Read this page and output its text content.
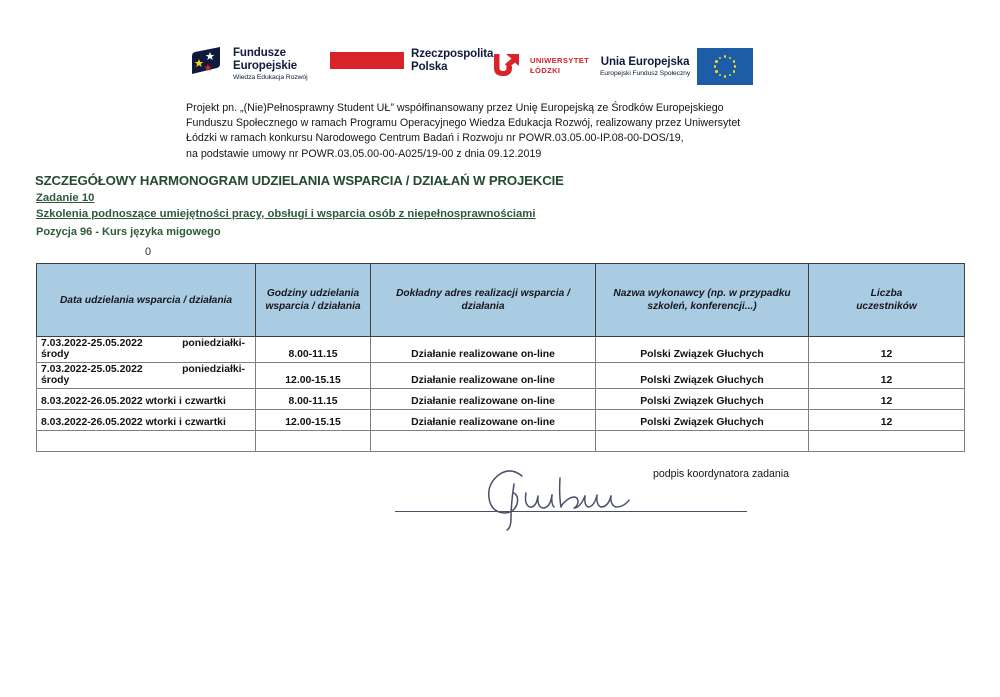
Fundusze
Europejskie
Wiedza Edukacja Rozwój
Rzeczpospolita
Polska	UNIWERSYTET
ŁÓDZKI
Unia Europejska
Europejski Fundusz Społeczny
Projekt pn. „(Nie)Pełnosprawny Student UŁ” współfinansowany przez Unię Europejską ze Środków Europejskiego
Funduszu Społecznego w ramach Programu Operacyjnego Wiedza Edukacja Rozwój, realizowany przez Uniwersytet
Łódzki w ramach konkursu Narodowego Centrum Badań i Rozwoju nr POWR.03.05.00-IP.08-00-DOS/19,
na podstawie umowy nr POWR.03.05.00-00-A025/19-00 z dnia 09.12.2019
SZCZEGÓŁOWY HARMONOGRAM UDZIELANIA WSPARCIA / DZIAŁAŃ W PROJEKCIE
Zadanie 10
Szkolenia podnoszące umiejętności pracy, obsługi i wsparcia osób z niepełnosprawnościami
Pozycja 96 - Kurs języka migowego
0
Data udzielania wsparcia / działania	Godziny udzielania
wsparcia / działania	Dokładny adres realizacji wsparcia /
działania	Nazwa wykonawcy (np. w przypadku
szkoleń, konferencji...)	Liczba
uczestników

7.03.2022-25.05.2022 poniedziałki-
środy	8.00-11.15	Działanie realizowane on-line	Polski Związek Głuchych	12

7.03.2022-25.05.2022 poniedziałki-
środy	12.00-15.15	Działanie realizowane on-line	Polski Związek Głuchych	12

8.03.2022-26.05.2022 wtorki i czwartki	8.00-11.15	Działanie realizowane on-line	Polski Związek Głuchych	12

8.03.2022-26.05.2022 wtorki i czwartki	12.00-15.15	Działanie realizowane on-line	Polski Związek Głuchych	12

podpis koordynatora zadania
